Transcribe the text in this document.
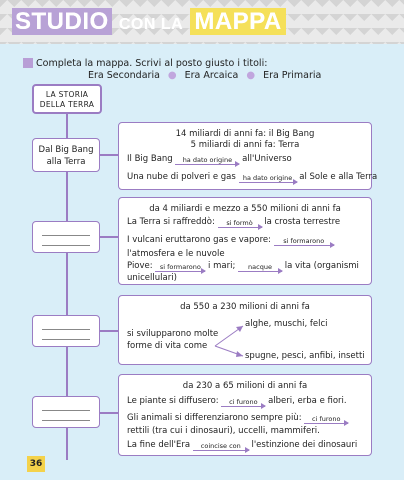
STUDIO CON LA MAPPA
Completa la mappa. Scrivi al posto giusto i titoli:
Era Secondaria ● Era Arcaica ● Era Primaria
LA STORIA
DELLA TERRA
Dal Big Bang
alla Terra
14 miliardi di anni fa: il Big Bang
5 miliardi di anni fa: Terra
Il Big Bang	ha dato origine	all'Universo
Una nube di polveri e gas	ha dato origine al Sole e alla Terra
da 4 miliardi e mezzo a 550 milioni di anni fa
La Terra si raffreddò:	si formò	la crosta terrestre
I vulcani eruttarono gas e vapore:	si formarono
l'atmosfera e le nuvole
Piove:	si formarono i mari;	nacque	la vita (organismi
unicellulari)
da 550 a 230 milioni di anni fa
alghe, muschi, felci
si svilupparono molte
forme di vita come
spugne, pesci, anfibi, insetti
da 230 a 65 milioni di anni fa
Le piante si diffusero:	ci furono	alberi, erba e fiori.
Gli animali si differenziarono sempre più:	ci furono
rettili (tra cui i dinosauri), uccelli, mammiferi.
La fine dell'Era	coincise con	l'estinzione dei dinosauri
36
